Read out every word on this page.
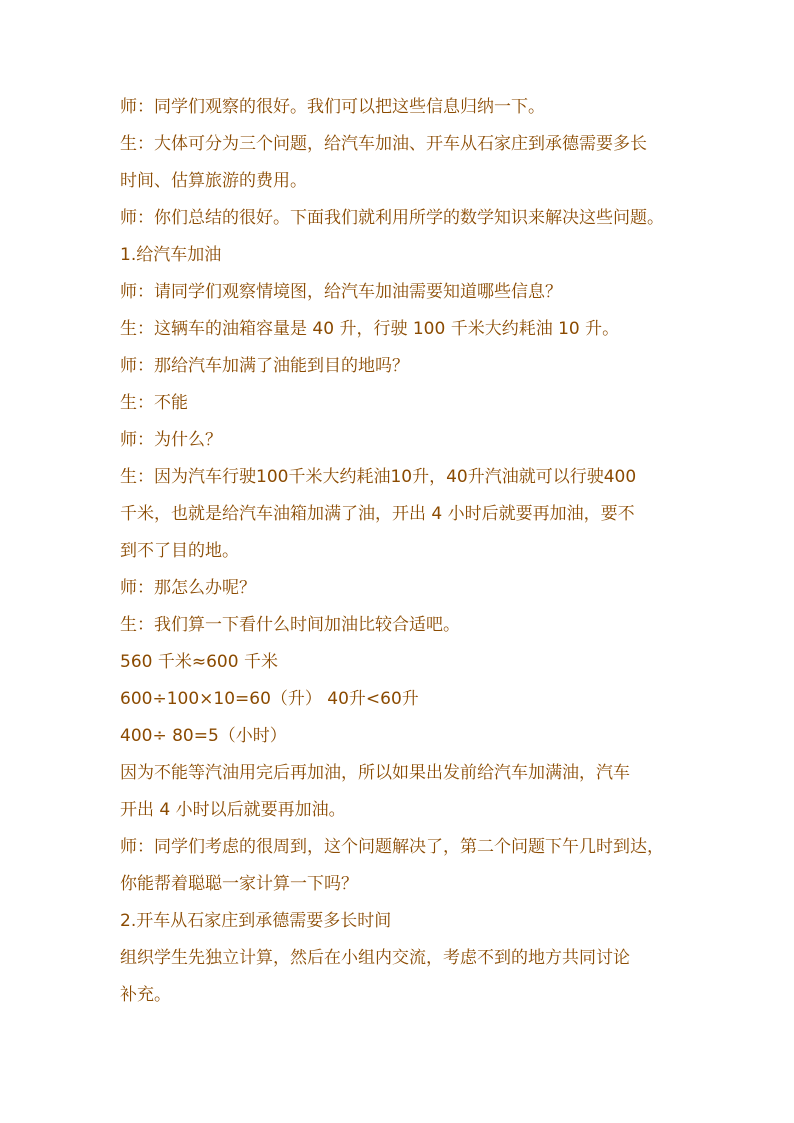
师：同学们观察的很好。我们可以把这些信息归纳一下。
生：大体可分为三个问题，给汽车加油、开车从石家庄到承德需要多长
时间、估算旅游的费用。
师：你们总结的很好。下面我们就利用所学的数学知识来解决这些问题。
1.给汽车加油
师：请同学们观察情境图，给汽车加油需要知道哪些信息？
生：这辆车的油箱容量是 40 升，行驶 100 千米大约耗油 10 升。
师：那给汽车加满了油能到目的地吗？
生：不能
师：为什么？
生：因为汽车行驶100千米大约耗油10升，40升汽油就可以行驶400
千米，也就是给汽车油箱加满了油，开出 4 小时后就要再加油，要不
到不了目的地。
师：那怎么办呢？
生：我们算一下看什么时间加油比较合适吧。
560 千米≈600 千米
600÷100×10=60（升） 40升<60升
400÷ 80=5（小时）
因为不能等汽油用完后再加油，所以如果出发前给汽车加满油，汽车
开出 4 小时以后就要再加油。
师：同学们考虑的很周到，这个问题解决了，第二个问题下午几时到达，
你能帮着聪聪一家计算一下吗？
2.开车从石家庄到承德需要多长时间
组织学生先独立计算，然后在小组内交流，考虑不到的地方共同讨论
补充。
